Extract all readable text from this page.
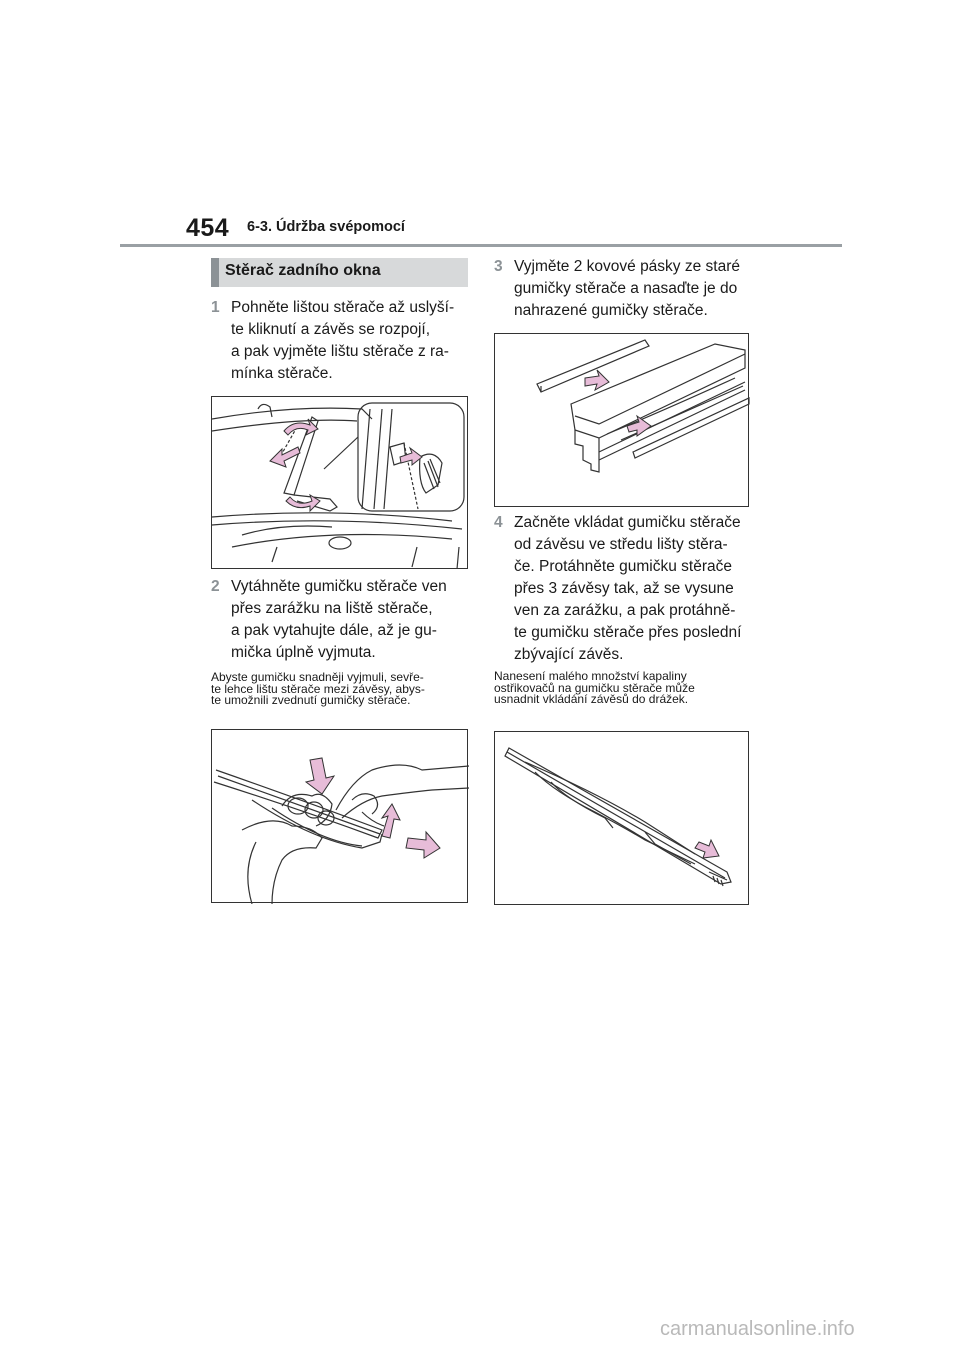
454 6-3. Údržba svépomocí
Stěrač zadního okna
1 Pohněte lištou stěrače až uslyší-
te kliknutí a závěs se rozpojí,
a pak vyjměte lištu stěrače z ra-
mínka stěrače.
2 Vytáhněte gumičku stěrače ven
přes zarážku na liště stěrače,
a pak vytahujte dále, až je gu-
mička úplně vyjmuta.
Abyste gumičku snadněji vyjmuli, sevře-
te lehce lištu stěrače mezi závěsy, abys-
te umožnili zvednutí gumičky stěrače.
3 Vyjměte 2 kovové pásky ze staré
gumičky stěrače a nasaďte je do
nahrazené gumičky stěrače.
4 Začněte vkládat gumičku stěrače
od závěsu ve středu lišty stěra-
če. Protáhněte gumičku stěrače
přes 3 závěsy tak, až se vysune
ven za zarážku, a pak protáhně-
te gumičku stěrače přes poslední
zbývající závěs.
Nanesení malého množství kapaliny
ostřikovačů na gumičku stěrače může
usnadnit vkládání závěsů do drážek.
carmanualsonline.info
